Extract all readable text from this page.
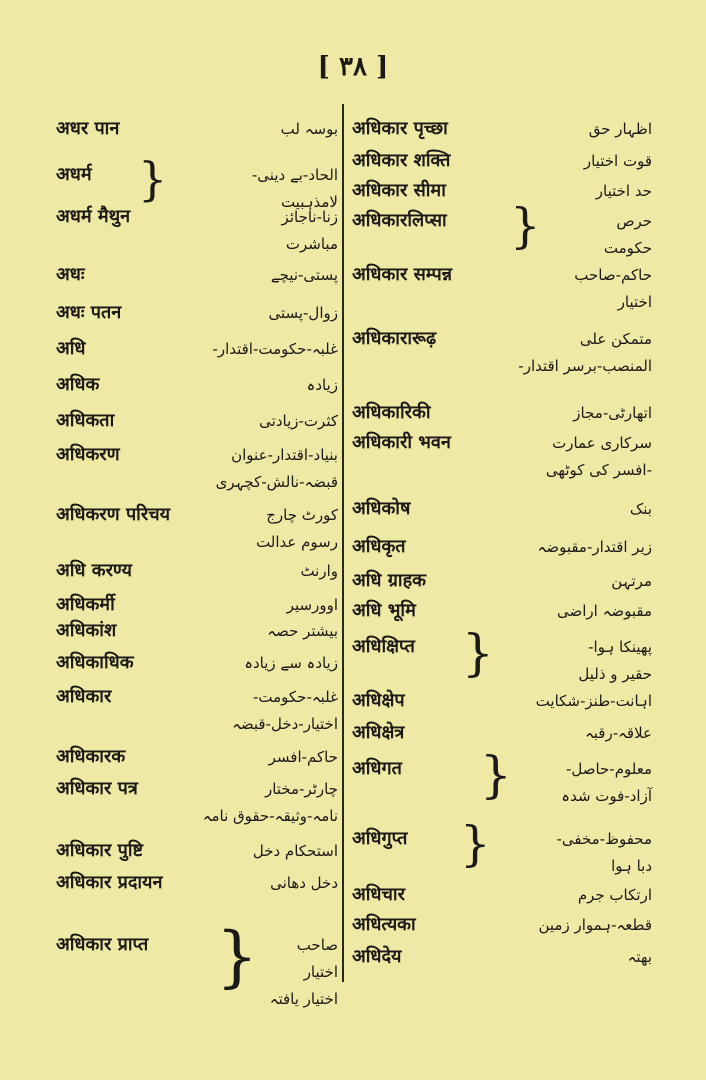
[ ۳۸ ]
अधर पान	بوسہ لب
अधर्म	الحاد-بے دینی-
لامذہبیت
}
अधर्म मैथुन	زنا-ناجائز
مباشرت
अधः	پستی-نیچے
अधः पतन	زوال-پستی
अधि	غلبہ-حکومت-اقتدار-
अधिक	زیادہ
अधिकता	کثرت-زیادتی
अधिकरण	بنیاد-اقتدار-عنوان
قبضہ-نالش-کچہری
अधिकरण परिचय	کورٹ چارج
رسوم عدالت
अधि करण्य	وارنٹ
अधिकर्मी	اوورسیر
अधिकांश	بیشتر حصہ
अधिकाधिक	زیادہ سے زیادہ
अधिकार	غلبہ-حکومت-
اختیار-دخل-قبضہ
अधिकारक	حاکم-افسر
अधिकार पत्र	چارٹر-مختار
نامہ-وثیقہ-حقوق نامہ
अधिकार पुष्टि	استحکام دخل
अधिकार प्रदायन	دخل دھانی
अधिकार प्राप्त	صاحب
اختیار
اختیار یافتہ
}
अधिकार पृच्छा	اظہار حق
अधिकार शक्ति	قوت اختیار
अधिकार सीमा	حد اختیار
अधिकारलिप्सा	حرص
حکومت
}
अधिकार सम्पन्न	حاکم-صاحب
اختیار
अधिकारारूढ़	متمکن علی
المنصب-برسر اقتدار-
अधिकारिकी	اتھارٹی-مجاز
अधिकारी भवन	سرکاری عمارت
-افسر کی کوٹھی
अधिकोष	بنک
अधिकृत	زیر اقتدار-مقبوضہ
अधि ग्राहक	مرتہن
अधि भूमि	مقبوضہ اراضی
अधिक्षिप्त	پھینکا ہوا-
حقیر و ذلیل
}
अधिक्षेप	اہانت-طنز-شکایت
अधिक्षेत्र	علاقہ-رقبہ
अधिगत	معلوم-حاصل-
آزاد-فوت شدہ
}
अधिगुप्त	محفوظ-مخفی-
دبا ہوا
}
अधिचार	ارتکاب جرم
अधित्यका	قطعہ-ہموار زمین
अधिदेय	بھتہ
